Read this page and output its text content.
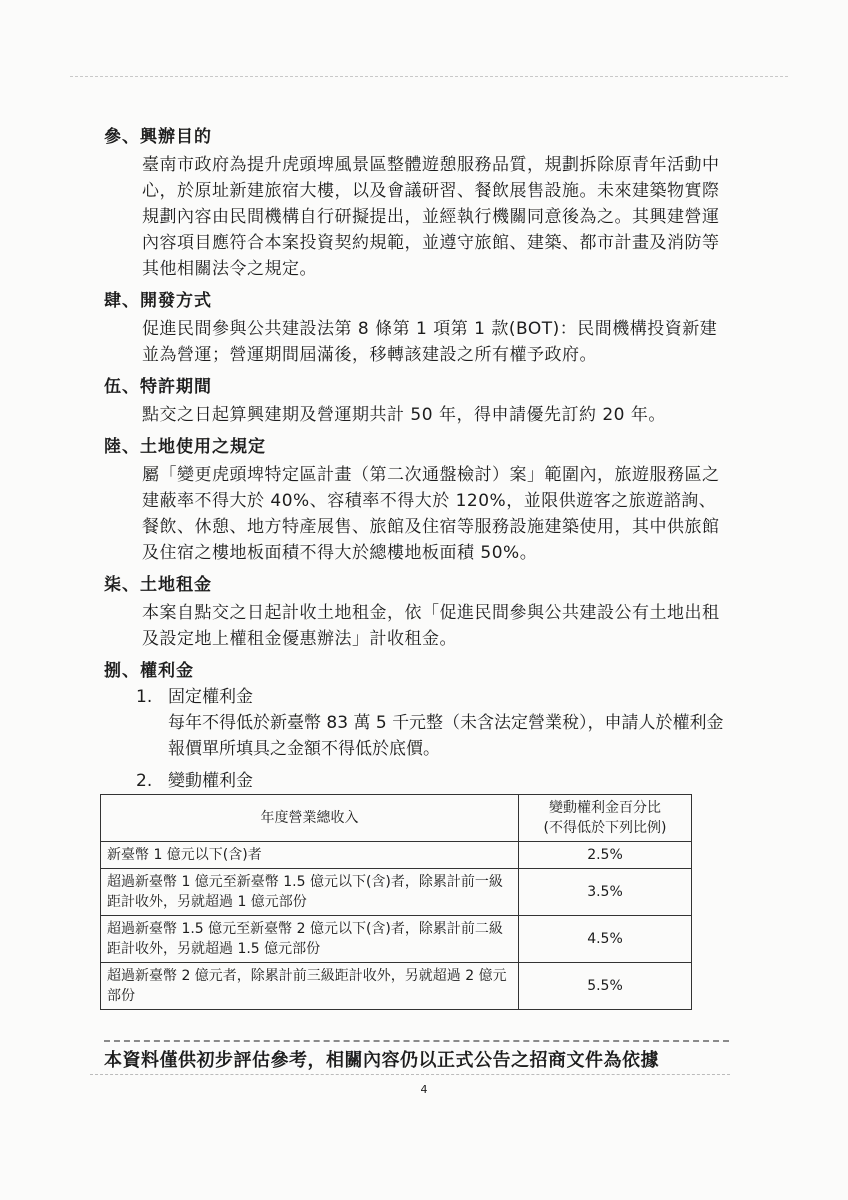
參、興辦目的

臺南市政府為提升虎頭埤風景區整體遊憩服務品質，規劃拆除原青年活動中心，於原址新建旅宿大樓，以及會議研習、餐飲展售設施。未來建築物實際規劃內容由民間機構自行研擬提出，並經執行機關同意後為之。其興建營運內容項目應符合本案投資契約規範，並遵守旅館、建築、都市計畫及消防等其他相關法令之規定。

肆、開發方式

促進民間參與公共建設法第 8 條第 1 項第 1 款(BOT)：民間機構投資新建並為營運；營運期間屆滿後，移轉該建設之所有權予政府。

伍、特許期間

點交之日起算興建期及營運期共計 50 年，得申請優先訂約 20 年。

陸、土地使用之規定

屬「變更虎頭埤特定區計畫（第二次通盤檢討）案」範圍內，旅遊服務區之建蔽率不得大於 40%、容積率不得大於 120%，並限供遊客之旅遊諮詢、餐飲、休憩、地方特產展售、旅館及住宿等服務設施建築使用，其中供旅館及住宿之樓地板面積不得大於總樓地板面積 50%。

柒、土地租金

本案自點交之日起計收土地租金，依「促進民間參與公共建設公有土地出租及設定地上權租金優惠辦法」計收租金。

捌、權利金

1. 固定權利金
每年不得低於新臺幣 83 萬 5 千元整（未含法定營業稅），申請人於權利金報價單所填具之金額不得低於底價。
2. 變動權利金
年度營業總收入	變動權利金百分比
(不得低於下列比例)

新臺幣 1 億元以下(含)者	2.5%
超過新臺幣 1 億元至新臺幣 1.5 億元以下(含)者，除累計前一級距計收外，另就超過 1 億元部份	3.5%
超過新臺幣 1.5 億元至新臺幣 2 億元以下(含)者，除累計前二級距計收外，另就超過 1.5 億元部份	4.5%
超過新臺幣 2 億元者，除累計前三級距計收外，另就超過 2 億元部份	5.5%
本資料僅供初步評估參考，相關內容仍以正式公告之招商文件為依據
4
